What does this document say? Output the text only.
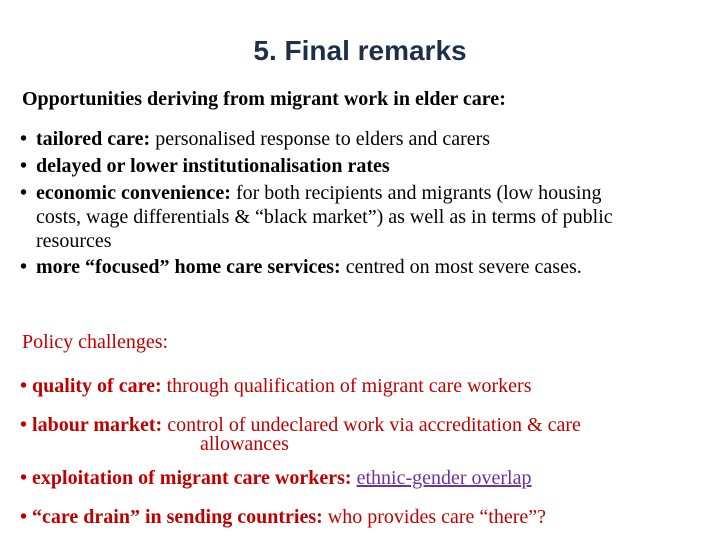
5. Final remarks
Opportunities deriving from migrant work in elder care:
• tailored care: personalised response to elders and carers
• delayed or lower institutionalisation rates
• economic convenience: for both recipients and migrants (low housing
costs, wage differentials & “black market”) as well as in terms of public resources
• more “focused” home care services: centred on most severe cases.
Policy challenges:
• quality of care: through qualification of migrant care workers
• labour market: control of undeclared work via accreditation & care
allowances
• exploitation of migrant care workers: ethnic-gender overlap
• “care drain” in sending countries: who provides care “there”?
